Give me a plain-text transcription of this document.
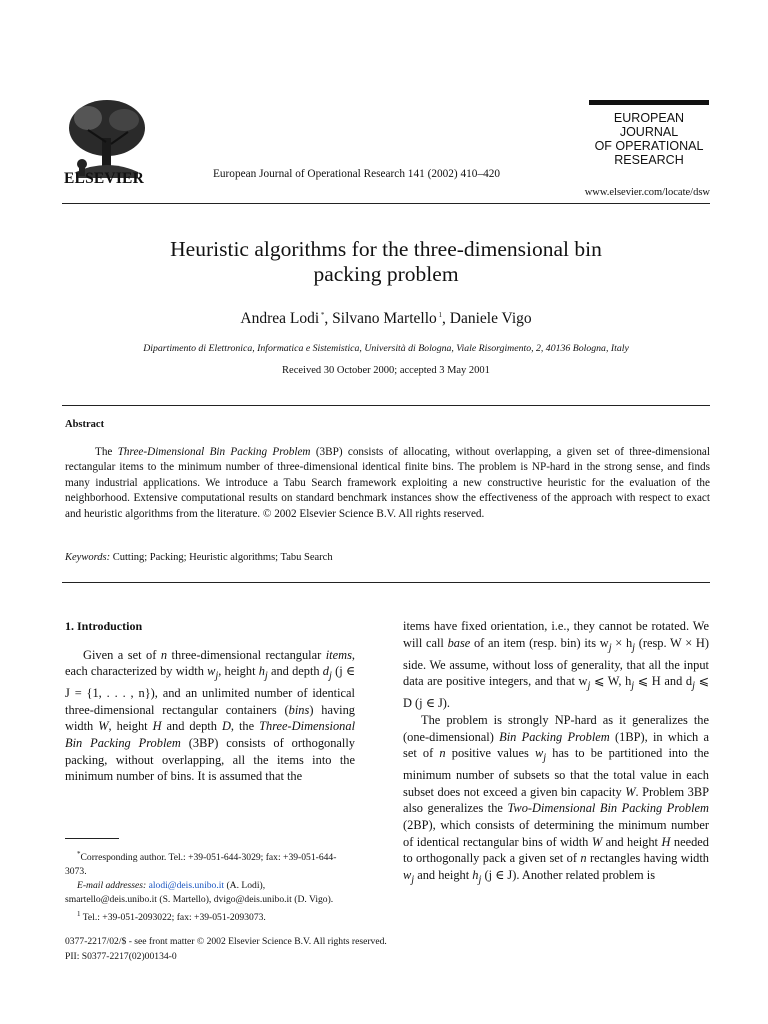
ELSEVIER	European Journal of Operational Research 141 (2002) 410–420
EUROPEAN
JOURNAL
OF OPERATIONAL
RESEARCH
www.elsevier.com/locate/dsw
Heuristic algorithms for the three-dimensional bin
packing problem
Andrea Lodi *, Silvano Martello $^1$, Daniele Vigo
Dipartimento di Elettronica, Informatica e Sistemistica, Università di Bologna, Viale Risorgimento, 2, 40136 Bologna, Italy
Received 30 October 2000; accepted 3 May 2001
Abstract
The Three-Dimensional Bin Packing Problem (3BP) consists of allocating, without overlapping, a given set of three-dimensional rectangular items to the minimum number of three-dimensional identical finite bins. The problem is NP-hard in the strong sense, and finds many industrial applications. We introduce a Tabu Search framework exploiting a new constructive heuristic for the evaluation of the neighborhood. Extensive computational results on standard benchmark instances show the effectiveness of the approach with respect to exact and heuristic algorithms from the literature. © 2002 Elsevier Science B.V. All rights reserved.
Keywords: Cutting; Packing; Heuristic algorithms; Tabu Search
1. Introduction
Given a set of n three-dimensional rectangular items, each characterized by width $w_j$, height $h_j$ and depth $d_j$ (j ∈ J = {1, . . . , n}), and an unlimited number of identical three-dimensional rectangular containers (bins) having width W, height H and depth D, the Three-Dimensional Bin Packing Problem (3BP) consists of orthogonally packing, without overlapping, all the items into the minimum number of bins. It is assumed that the
items have fixed orientation, i.e., they cannot be rotated. We will call base of an item (resp. bin) its $w_j \times h_j$ (resp. W × H) side. We assume, without loss of generality, that all the input data are positive integers, and that $w_j$ ⩽ W, $h_j$ ⩽ H and $d_j$ ⩽ D (j ∈ J).
The problem is strongly NP-hard as it generalizes the (one-dimensional) Bin Packing Problem (1BP), in which a set of n positive values $w_j$ has to be partitioned into the minimum number of subsets so that the total value in each subset does not exceed a given bin capacity W. Problem 3BP also generalizes the Two-Dimensional Bin Packing Problem (2BP), which consists of determining the minimum number of identical rectangular bins of width W and height H needed to orthogonally pack a given set of n rectangles having width $w_j$ and height $h_j$ (j ∈ J). Another related problem is
*Corresponding author. Tel.: +39-051-644-3029; fax: +39-051-644-3073.
E-mail addresses: alodi@deis.unibo.it (A. Lodi), smartello@deis.unibo.it (S. Martello), dvigo@deis.unibo.it (D. Vigo).
$^1$ Tel.: +39-051-2093022; fax: +39-051-2093073.
0377-2217/02/$ - see front matter © 2002 Elsevier Science B.V. All rights reserved.
PII: S0377-2217(02)00134-0
